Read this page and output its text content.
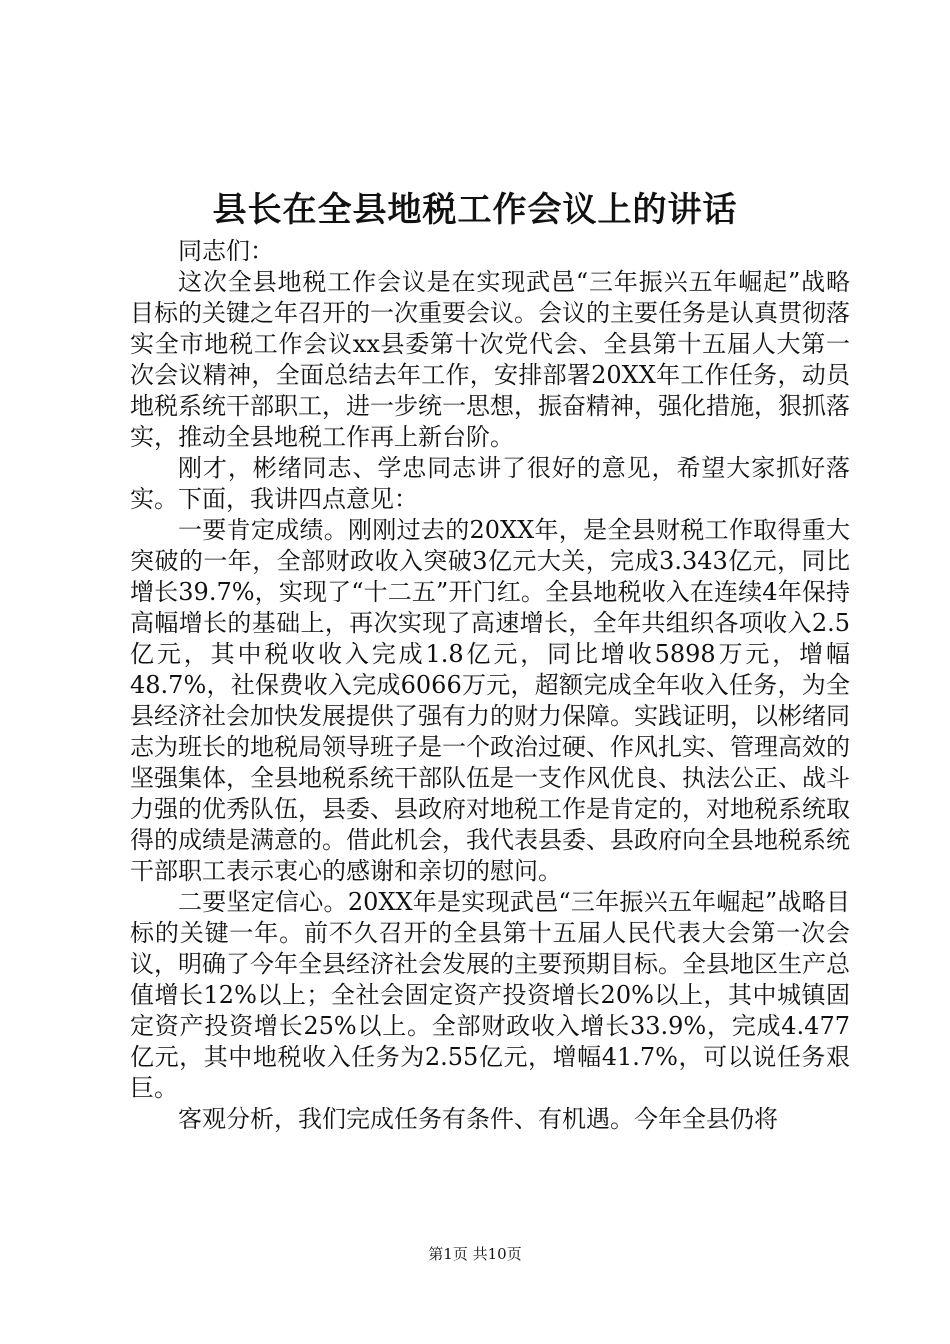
县长在全县地税工作会议上的讲话

同志们：

这次全县地税工作会议是在实现武邑“三年振兴五年崛起”战略目标的关键之年召开的一次重要会议。会议的主要任务是认真贯彻落实全市地税工作会议xx县委第十次党代会、全县第十五届人大第一次会议精神，全面总结去年工作，安排部署20XX年工作任务，动员地税系统干部职工，进一步统一思想，振奋精神，强化措施，狠抓落实，推动全县地税工作再上新台阶。

刚才，彬绪同志、学忠同志讲了很好的意见，希望大家抓好落实。下面，我讲四点意见：

一要肯定成绩。刚刚过去的20XX年，是全县财税工作取得重大突破的一年，全部财政收入突破3亿元大关，完成3.343亿元，同比增长39.7%，实现了“十二五”开门红。全县地税收入在连续4年保持高幅增长的基础上，再次实现了高速增长，全年共组织各项收入2.5亿元，其中税收收入完成1.8亿元，同比增收5898万元，增幅48.7%，社保费收入完成6066万元，超额完成全年收入任务，为全县经济社会加快发展提供了强有力的财力保障。实践证明，以彬绪同志为班长的地税局领导班子是一个政治过硬、作风扎实、管理高效的坚强集体，全县地税系统干部队伍是一支作风优良、执法公正、战斗力强的优秀队伍，县委、县政府对地税工作是肯定的，对地税系统取得的成绩是满意的。借此机会，我代表县委、县政府向全县地税系统干部职工表示衷心的感谢和亲切的慰问。

二要坚定信心。20XX年是实现武邑“三年振兴五年崛起”战略目标的关键一年。前不久召开的全县第十五届人民代表大会第一次会议，明确了今年全县经济社会发展的主要预期目标。全县地区生产总值增长12%以上；全社会固定资产投资增长20%以上，其中城镇固定资产投资增长25%以上。全部财政收入增长33.9%，完成4.477亿元，其中地税收入任务为2.55亿元，增幅41.7%，可以说任务艰巨。

客观分析，我们完成任务有条件、有机遇。今年全县仍将

第1页 共10页
